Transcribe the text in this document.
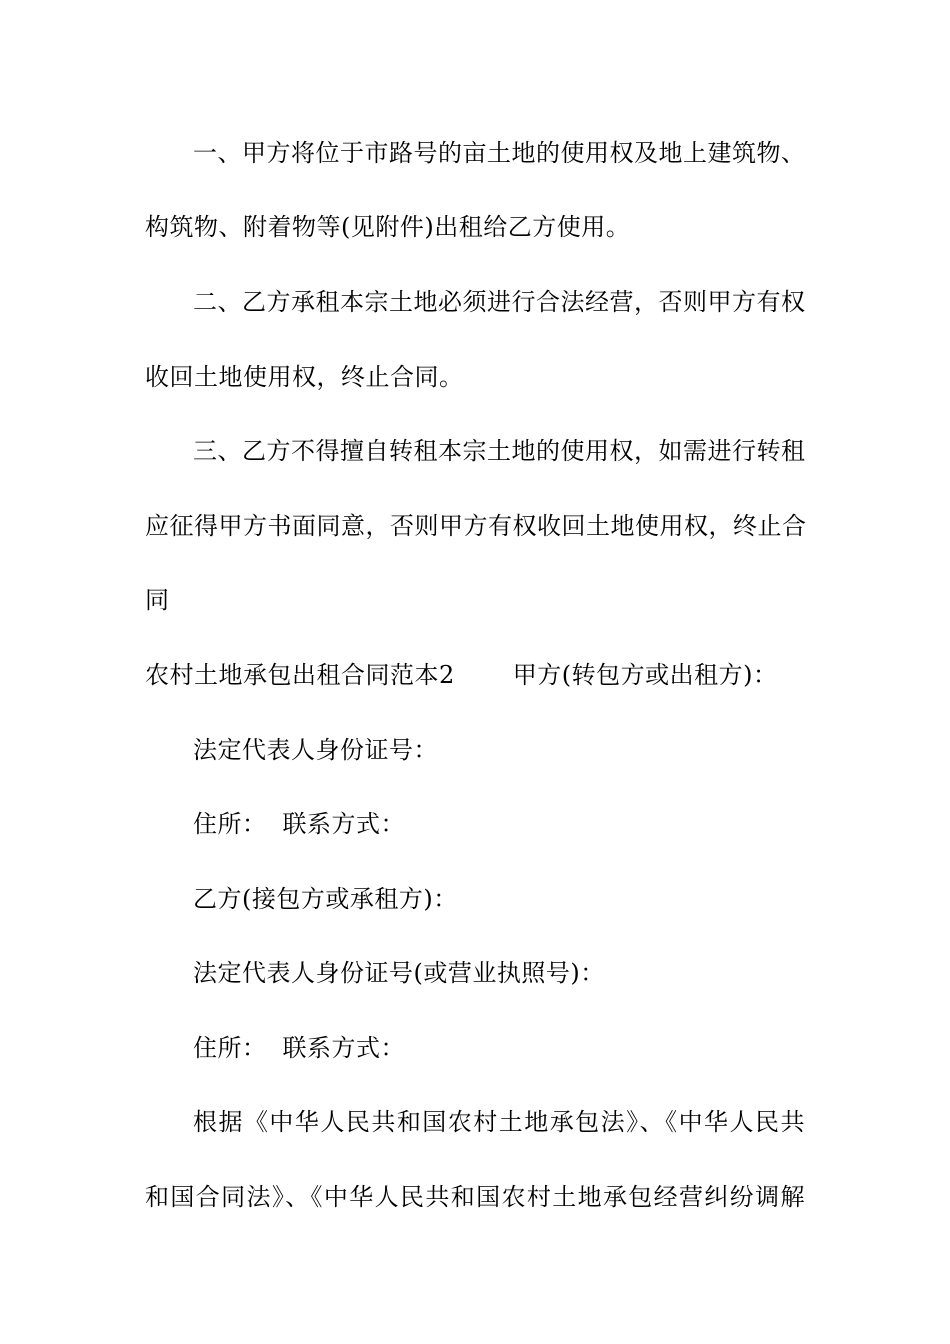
一、甲方将位于市路号的亩土地的使用权及地上建筑物、
构筑物、附着物等(见附件)出租给乙方使用。
二、乙方承租本宗土地必须进行合法经营，否则甲方有权
收回土地使用权，终止合同。
三、乙方不得擅自转租本宗土地的使用权，如需进行转租
应征得甲方书面同意，否则甲方有权收回土地使用权，终止合
同
农村土地承包出租合同范本2 甲方(转包方或出租方)：
法定代表人身份证号：
住所： 联系方式：
乙方(接包方或承租方)：
法定代表人身份证号(或营业执照号)：
住所： 联系方式：
根据《中华人民共和国农村土地承包法》、《中华人民共
和国合同法》、《中华人民共和国农村土地承包经营纠纷调解
